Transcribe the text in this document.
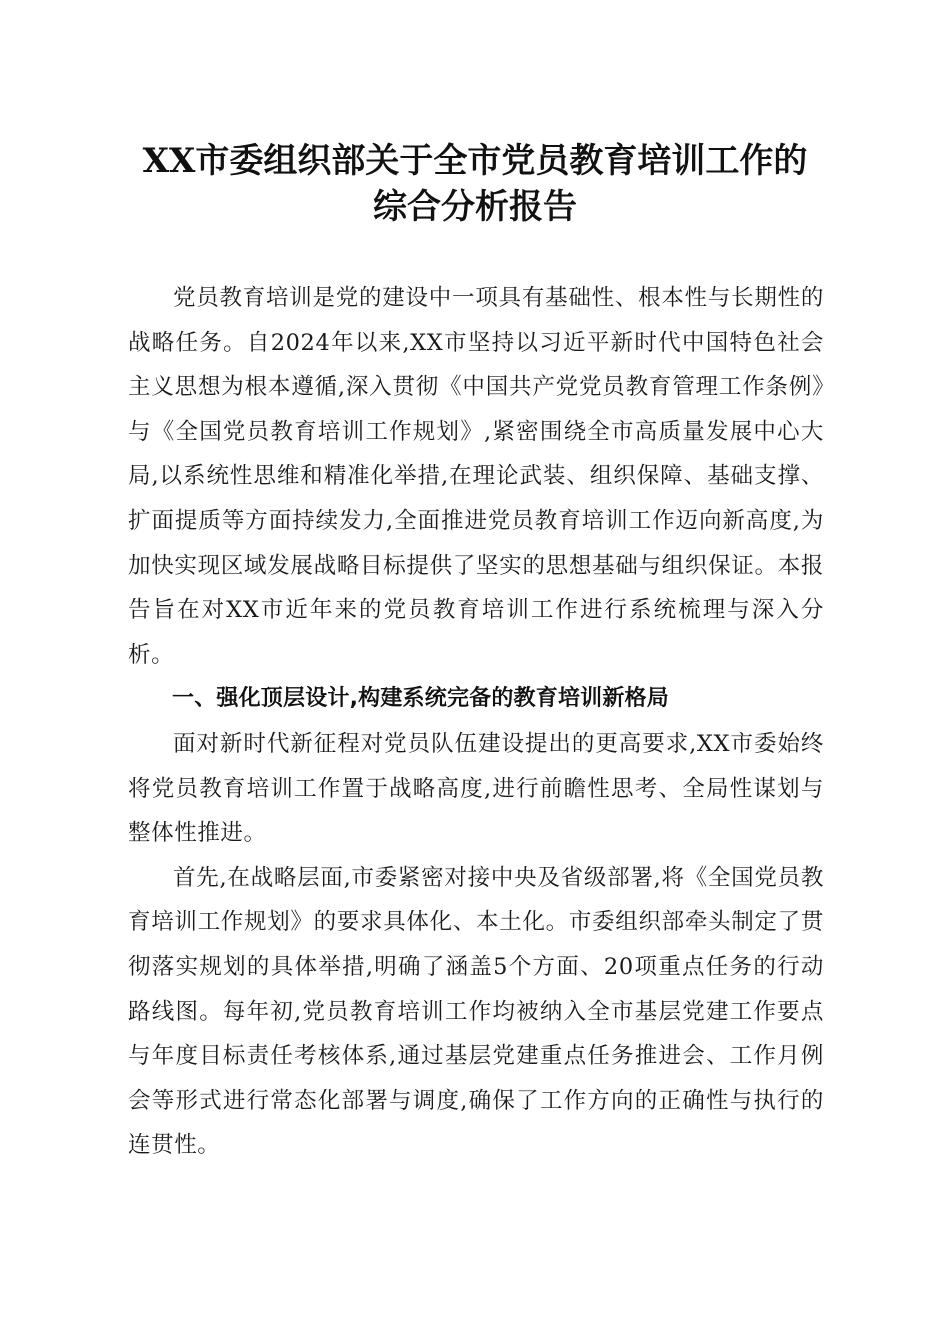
XX市委组织部关于全市党员教育培训工作的
综合分析报告

党员教育培训是党的建设中一项具有基础性、根本性与长期性的战略任务。自2024年以来,XX市坚持以习近平新时代中国特色社会主义思想为根本遵循,深入贯彻《中国共产党党员教育管理工作条例》与《全国党员教育培训工作规划》,紧密围绕全市高质量发展中心大局,以系统性思维和精准化举措,在理论武装、组织保障、基础支撑、扩面提质等方面持续发力,全面推进党员教育培训工作迈向新高度,为加快实现区域发展战略目标提供了坚实的思想基础与组织保证。本报告旨在对XX市近年来的党员教育培训工作进行系统梳理与深入分析。

一、强化顶层设计,构建系统完备的教育培训新格局

面对新时代新征程对党员队伍建设提出的更高要求,XX市委始终将党员教育培训工作置于战略高度,进行前瞻性思考、全局性谋划与整体性推进。

首先,在战略层面,市委紧密对接中央及省级部署,将《全国党员教育培训工作规划》的要求具体化、本土化。市委组织部牵头制定了贯彻落实规划的具体举措,明确了涵盖5个方面、20项重点任务的行动路线图。每年初,党员教育培训工作均被纳入全市基层党建工作要点与年度目标责任考核体系,通过基层党建重点任务推进会、工作月例会等形式进行常态化部署与调度,确保了工作方向的正确性与执行的连贯性。
